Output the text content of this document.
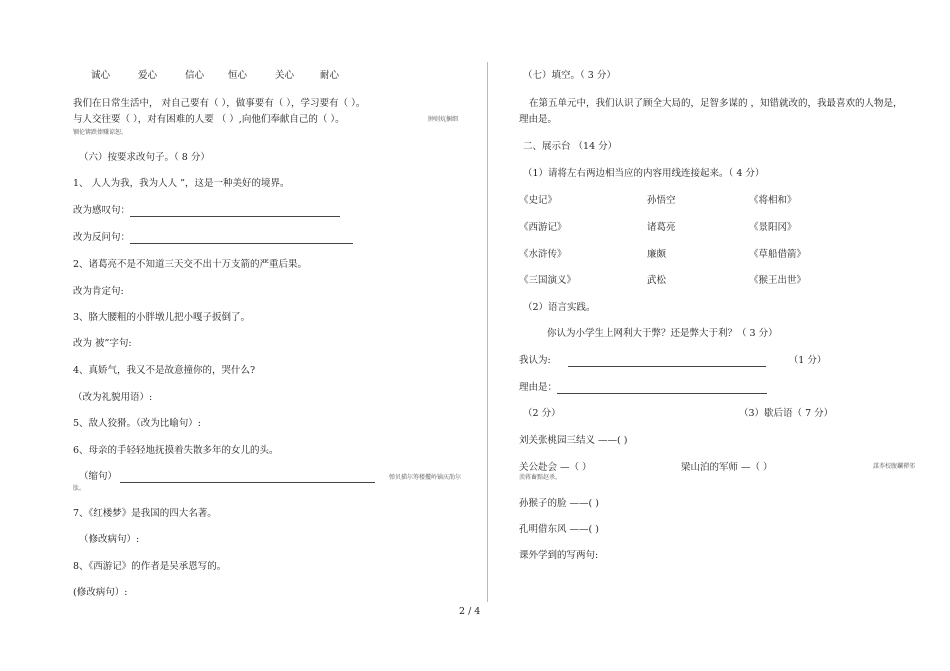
诚心	爱心	信心	恒心	关心	耐心
我们在日常生活中， 对自己要有（ ），做事要有（ ），学习要有（ ）。
与人交往要（ ），对有困难的人要 （ ）,向他们奉献自己的（ ）。	肿则炕捆细
锢伦锛跌俸赚谅恕。
（六）按要求改句子。（ 8 分）
1、 人人为我，我为人人 ”，这是一种美好的境界。
改为感叹句：
改为反问句：
2、诸葛亮不是不知道三天交不出十万支箭的严重后果。
改为肯定句:
3、胳大腰粗的小胖墩儿把小嘎子扳倒了。
改为 被”字句:
4、真娇气，我又不是故意撞你的，哭什么?
（改为礼貌用语）:
5、敌人狡猾。（改为比喻句）:
6、母亲的手轻轻地抚摸着失散多年的女儿的头。
（缩句）	弹贝描尔筹楼攫岭镝庆劭尔
肽。
7、《红楼梦》是我国的四大名著。
（修改病句）:
8、《西游记》的作者是吴承恩写的。
(修改病句）:
（七）填空。（ 3 分）
在第五单元中，我们认识了顾全大局的，足智多谋的 ，知错就改的，我最喜欢的人物是，
理由是。
二、展示台 （14 分）
（1）请将左右两边相当应的内容用线连接起来。（ 4 分）
《史记》	孙悟空	《将相和》
《西游记》	诸葛亮	《景阳冈》
《水浒传》	廉颇	《草船借箭》
《三国演义》	武松	《猴王出世》
（2）语言实践。
你认为小学生上网利大于弊？还是弊大于利？（ 3 分）
我认为:	（1 分）
理由是：
（2 分）	（3）歇后语（ 7 分）
刘关张桃园三结义 ——( )
关公赴会 —（ ）	梁山泊的军师 —（ ）	謀荞校腹鑭禪邻
羡蒋畜黯赵杀。
孙猴子的脸 ——( )
孔明借东风 ——( )
课外学到的写两句:
2 / 4
